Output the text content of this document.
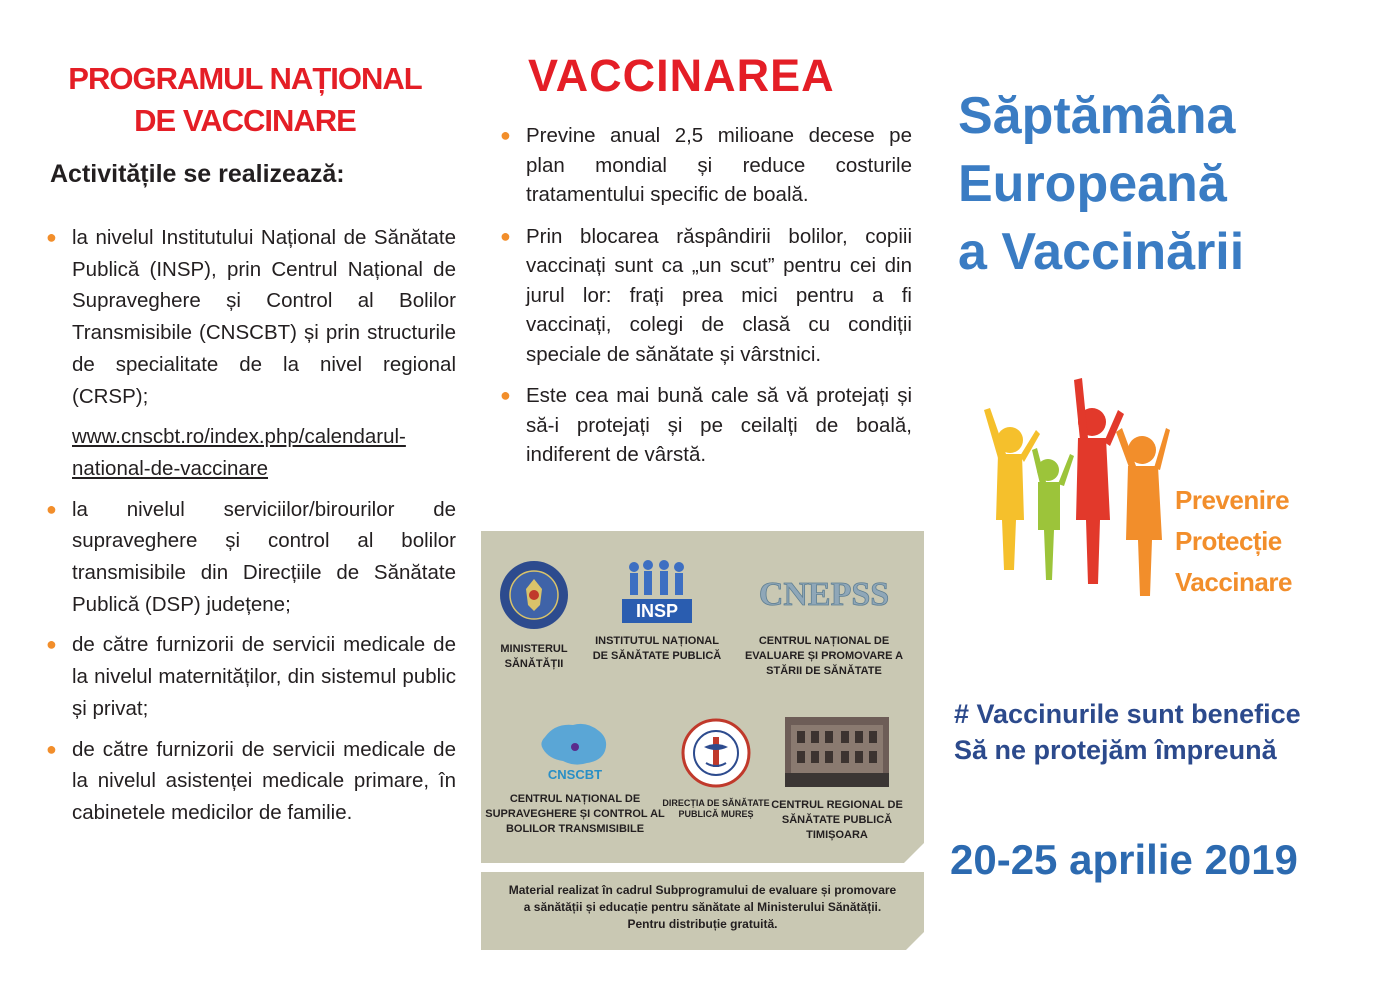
PROGRAMUL NAȚIONAL
DE VACCINARE
Activitățile se realizează:
● la nivelul Institutului Național de Sănătate Publică (INSP), prin Centrul Național de Supraveghere și Control al Bolilor Transmisibile (CNSCBT) și prin structurile de specialitate de la nivel regional (CRSP);
www.cnscbt.ro/index.php/calendarul-national-de-vaccinare
● la nivelul serviciilor/birourilor de supraveghere și control al bolilor transmisibile din Direcțiile de Sănătate Publică (DSP) județene;
● de către furnizorii de servicii medicale de la nivelul maternităților, din sistemul public și privat;
● de către furnizorii de servicii medicale de la nivelul asistenței medicale primare, în cabinetele medicilor de familie.
VACCINAREA
● Previne anual 2,5 milioane decese pe plan mondial și reduce costurile tratamentului specific de boală.
● Prin blocarea răspândirii bolilor, copiii vaccinați sunt ca „un scut” pentru cei din jurul lor: frați prea mici pentru a fi vaccinați, colegi de clasă cu condiții speciale de sănătate și vârstnici.
● Este cea mai bună cale să vă protejați și să-i protejați și pe ceilalți de boală, indiferent de vârstă.
MINISTERUL
SĂNĂTĂȚII
INSP
INSTITUTUL NAȚIONAL
DE SĂNĂTATE PUBLICĂ
CNEPSS
CENTRUL NAȚIONAL DE
EVALUARE ȘI PROMOVARE A
STĂRII DE SĂNĂTATE
CNSCBT
CENTRUL NAȚIONAL DE
SUPRAVEGHERE ȘI CONTROL AL
BOLILOR TRANSMISIBILE
DIRECȚIA DE SĂNĂTATE
PUBLICĂ MUREȘ
CENTRUL REGIONAL DE
SĂNĂTATE PUBLICĂ
TIMIȘOARA
Material realizat în cadrul Subprogramului de evaluare și promovare
a sănătății și educație pentru sănătate al Ministerului Sănătății.
Pentru distribuție gratuită.
Săptămâna
Europeană
a Vaccinării
Prevenire
Protecție
Vaccinare
# Vaccinurile sunt benefice
Să ne protejăm împreună
20-25 aprilie 2019
